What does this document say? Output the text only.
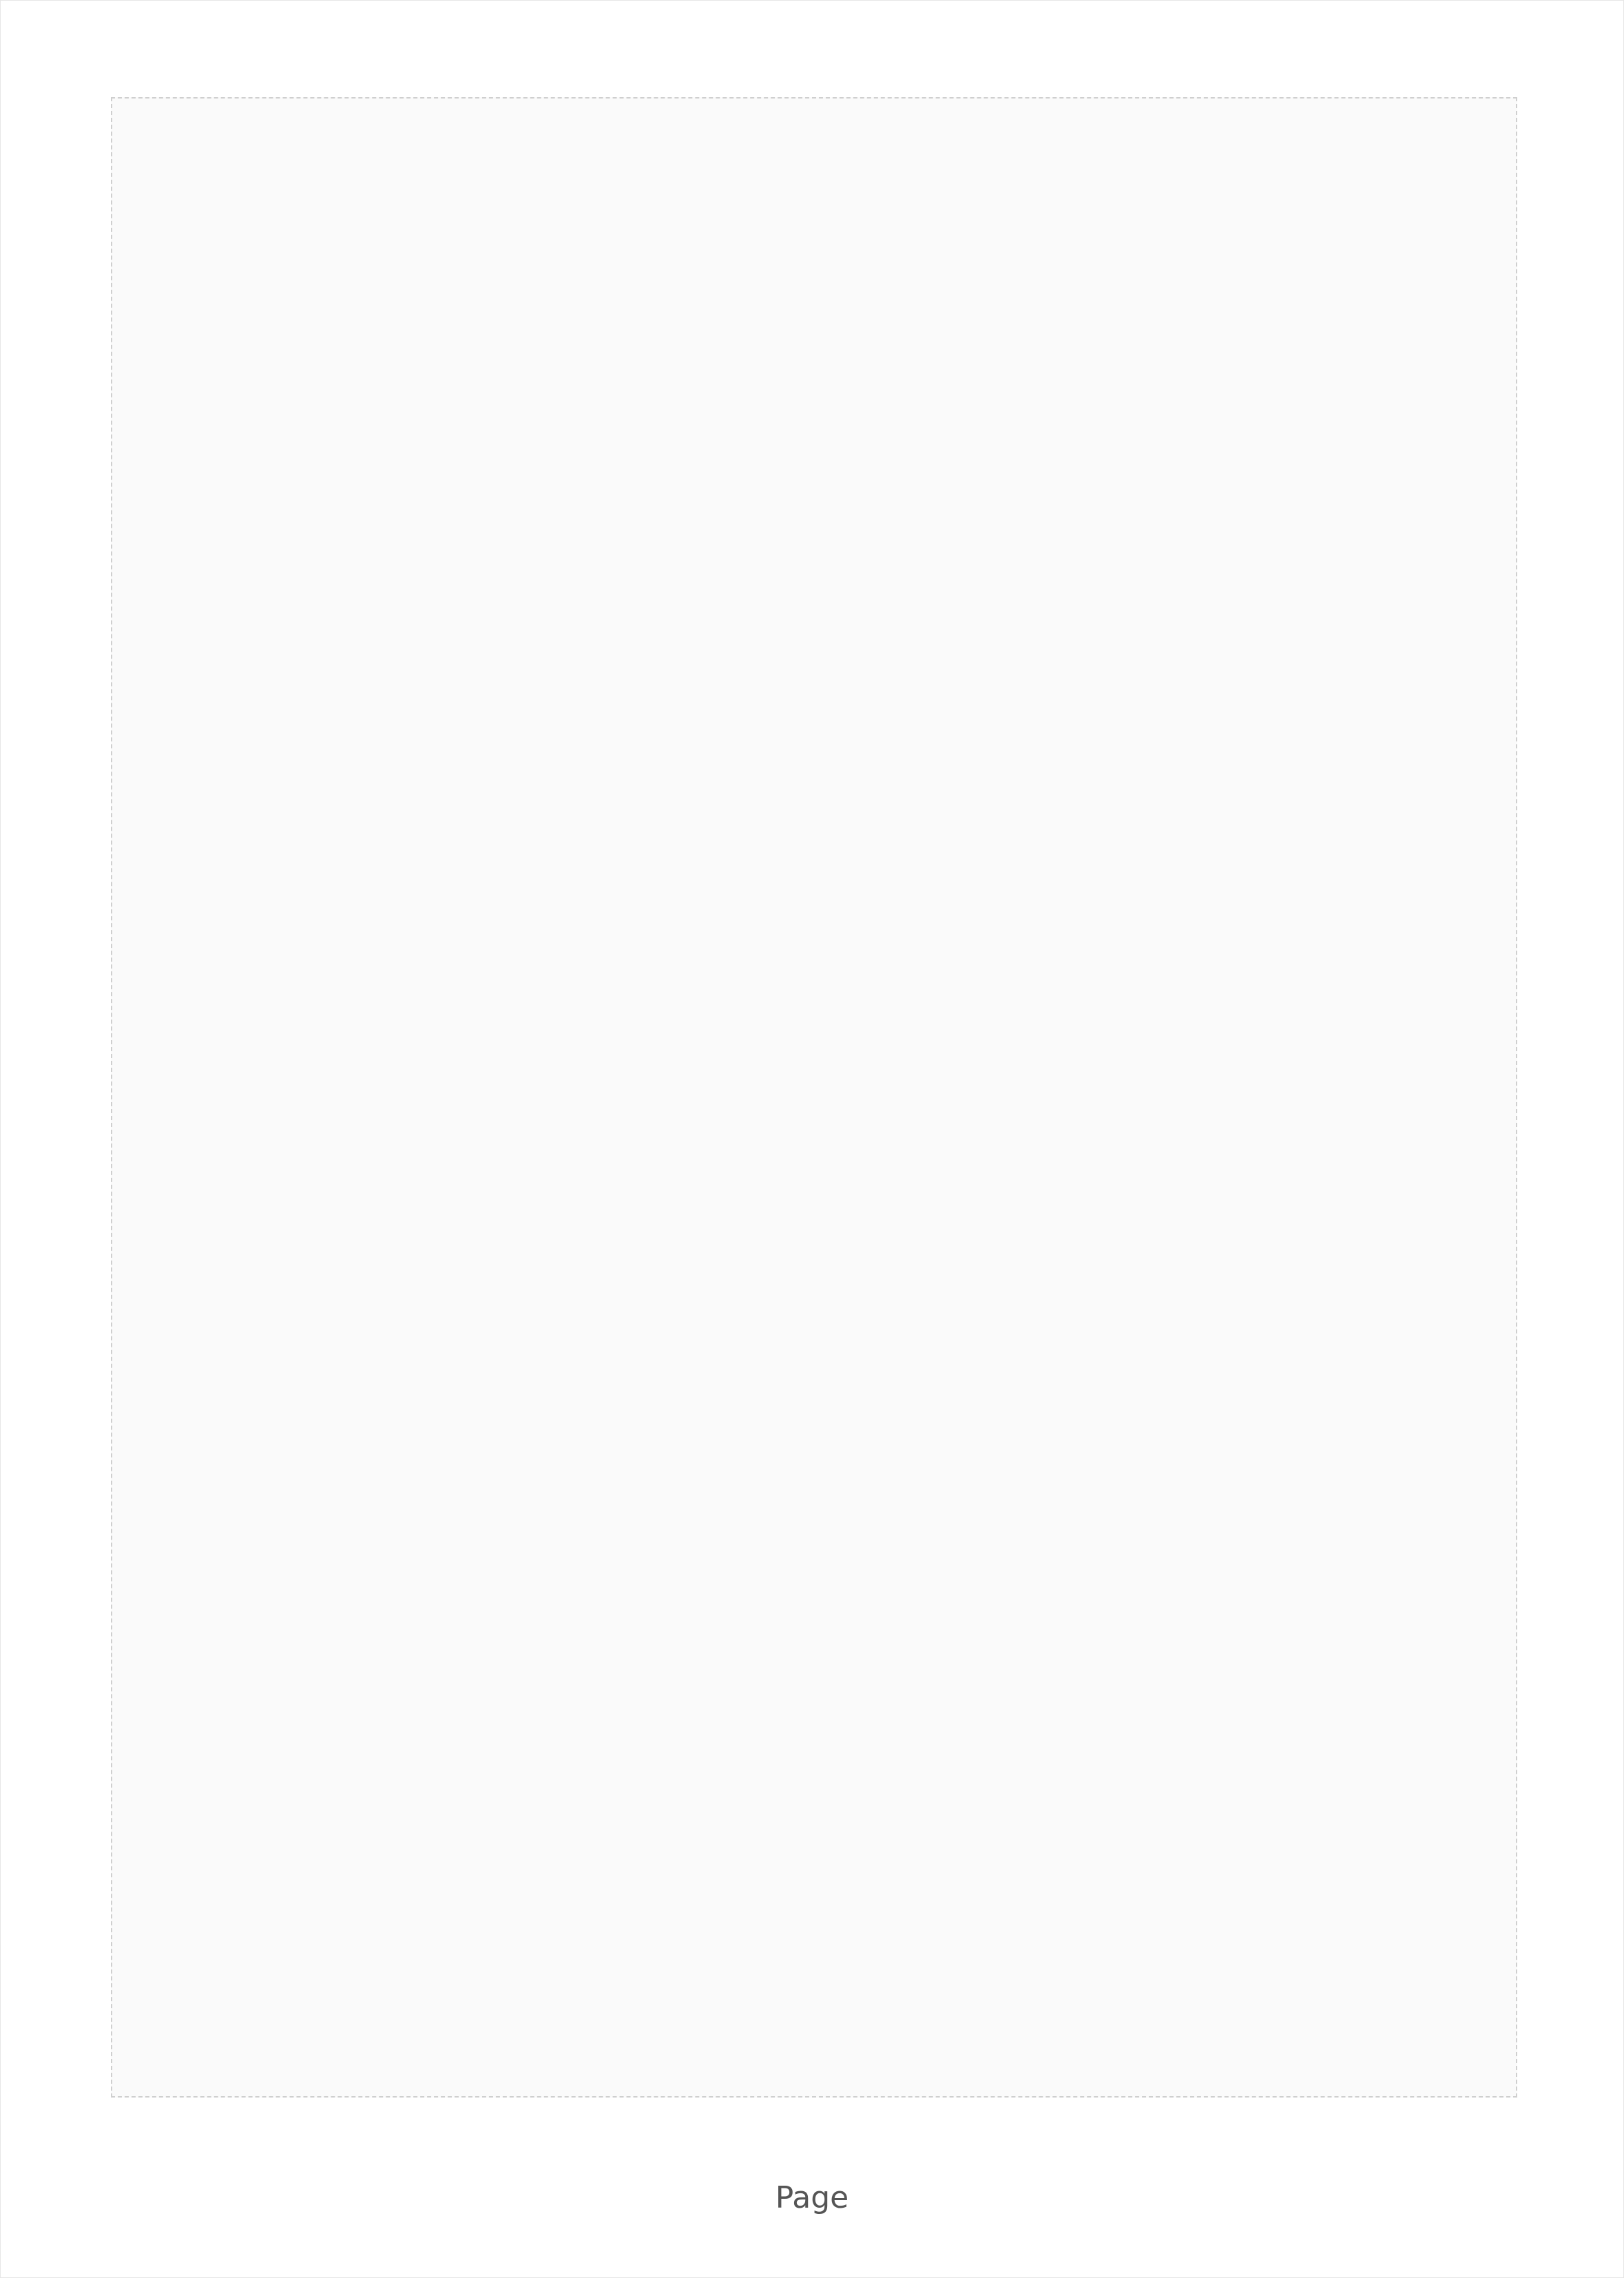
Page
